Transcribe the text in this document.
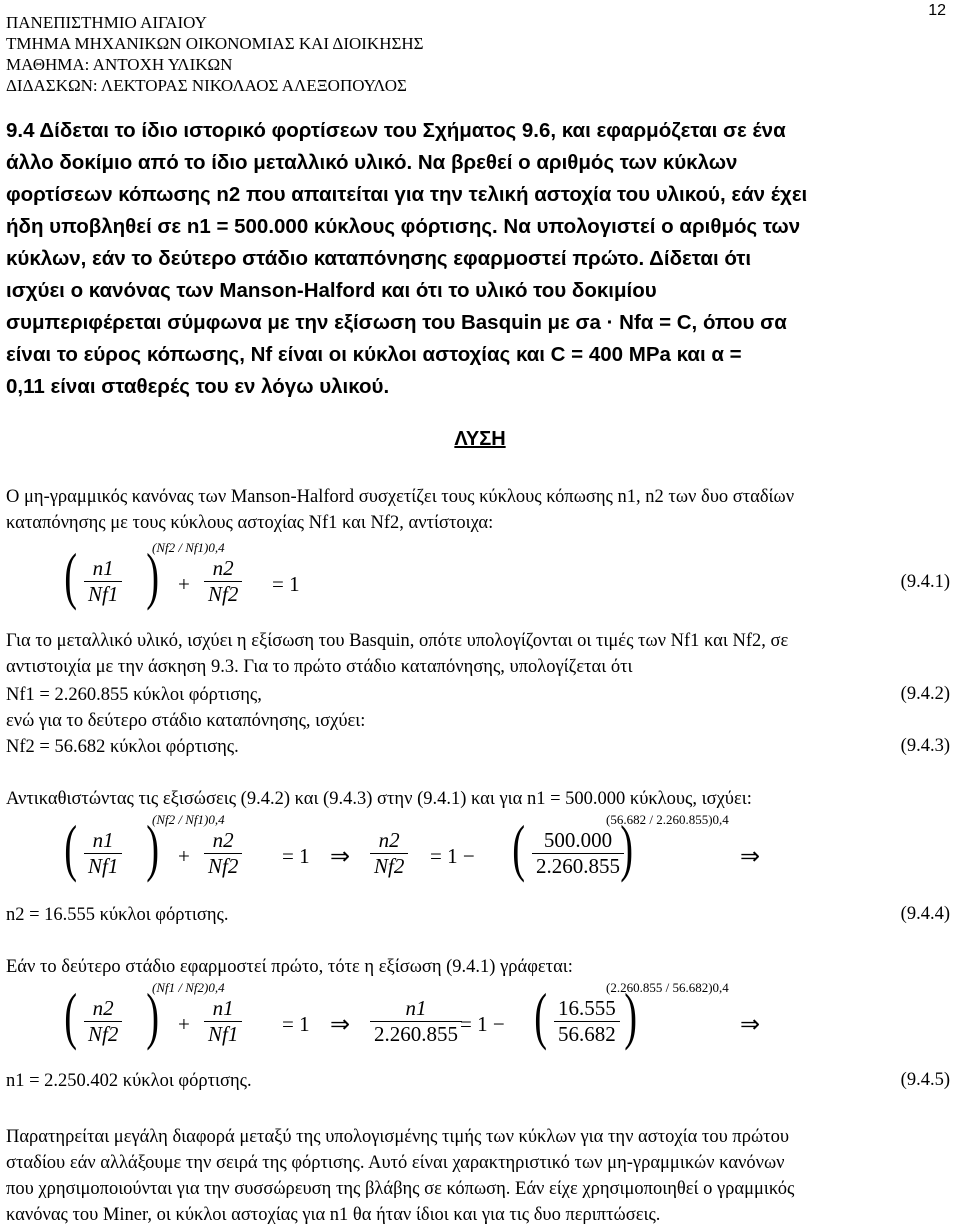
12
ΠΑΝΕΠΙΣΤΗΜΙΟ ΑΙΓΑΙΟΥ
ΤΜΗΜΑ ΜΗΧΑΝΙΚΩΝ ΟΙΚΟΝΟΜΙΑΣ ΚΑΙ ΔΙΟΙΚΗΣΗΣ
ΜΑΘΗΜΑ: ΑΝΤΟΧΗ ΥΛΙΚΩΝ
ΔΙΔΑΣΚΩΝ: ΛΕΚΤΟΡΑΣ ΝΙΚΟΛΑΟΣ ΑΛΕΞΟΠΟΥΛΟΣ
9.4 Δίδεται το ίδιο ιστορικό φορτίσεων του Σχήματος 9.6, και εφαρμόζεται σε ένα
άλλο δοκίμιο από το ίδιο μεταλλικό υλικό. Να βρεθεί ο αριθμός των κύκλων
φορτίσεων κόπωσης n2 που απαιτείται για την τελική αστοχία του υλικού, εάν έχει
ήδη υποβληθεί σε n1 = 500.000 κύκλους φόρτισης. Να υπολογιστεί ο αριθμός των
κύκλων, εάν το δεύτερο στάδιο καταπόνησης εφαρμοστεί πρώτο. Δίδεται ότι
ισχύει ο κανόνας των Manson-Halford και ότι το υλικό του δοκιμίου
συμπεριφέρεται σύμφωνα με την εξίσωση του Basquin με σa · Nfα = C, όπου σα
είναι το εύρος κόπωσης, Nf είναι οι κύκλοι αστοχίας και C = 400 MPa και α =
0,11 είναι σταθερές του εν λόγω υλικού.
ΛΥΣΗ
Ο μη-γραμμικός κανόνας των Manson-Halford συσχετίζει τους κύκλους κόπωσης n1, n2 των δυο σταδίων
καταπόνησης με τους κύκλους αστοχίας Nf1 και Nf2, αντίστοιχα:
(Nf2 / Nf1)0,4
( $\frac{n1}{Nf1}$ ) + $\frac{n2}{Nf2} = 1$	(9.4.1)
Για το μεταλλικό υλικό, ισχύει η εξίσωση του Basquin, οπότε υπολογίζονται οι τιμές των Nf1 και Nf2, σε
αντιστοιχία με την άσκηση 9.3. Για το πρώτο στάδιο καταπόνησης, υπολογίζεται ότι
Nf1 = 2.260.855 κύκλοι φόρτισης,	(9.4.2)
ενώ για το δεύτερο στάδιο καταπόνησης, ισχύει:
Nf2 = 56.682 κύκλοι φόρτισης.	(9.4.3)
Αντικαθιστώντας τις εξισώσεις (9.4.2) και (9.4.3) στην (9.4.1) και για n1 = 500.000 κύκλους, ισχύει:
(Nf2 / Nf1)0,4
( $\frac{n1}{Nf1}$ ) + $\frac{n2}{Nf2} = 1$ ⇒ $\frac{n2}{Nf2} = 1$ − ( $\frac{500.000}{2.260.855}$
)
(56.682 / 2.260.855)0,4
⇒
n2 = 16.555 κύκλοι φόρτισης.	(9.4.4)
Εάν το δεύτερο στάδιο εφαρμοστεί πρώτο, τότε η εξίσωση (9.4.1) γράφεται:
(Nf1 / Nf2)0,4
( $\frac{n2}{Nf2}$ ) + $\frac{n1}{Nf1} = 1$ ⇒ $\frac{n1}{2.260.855}$
= 1 − ( $\frac{16.555}{56.682}$ )
(2.260.855 / 56.682)0,4
⇒
n1 = 2.250.402 κύκλοι φόρτισης.	(9.4.5)
Παρατηρείται μεγάλη διαφορά μεταξύ της υπολογισμένης τιμής των κύκλων για την αστοχία του πρώτου
σταδίου εάν αλλάξουμε την σειρά της φόρτισης. Αυτό είναι χαρακτηριστικό των μη-γραμμικών κανόνων
που χρησιμοποιούνται για την συσσώρευση της βλάβης σε κόπωση. Εάν είχε χρησιμοποιηθεί ο γραμμικός
κανόνας του Miner, οι κύκλοι αστοχίας για n1 θα ήταν ίδιοι και για τις δυο περιπτώσεις.
